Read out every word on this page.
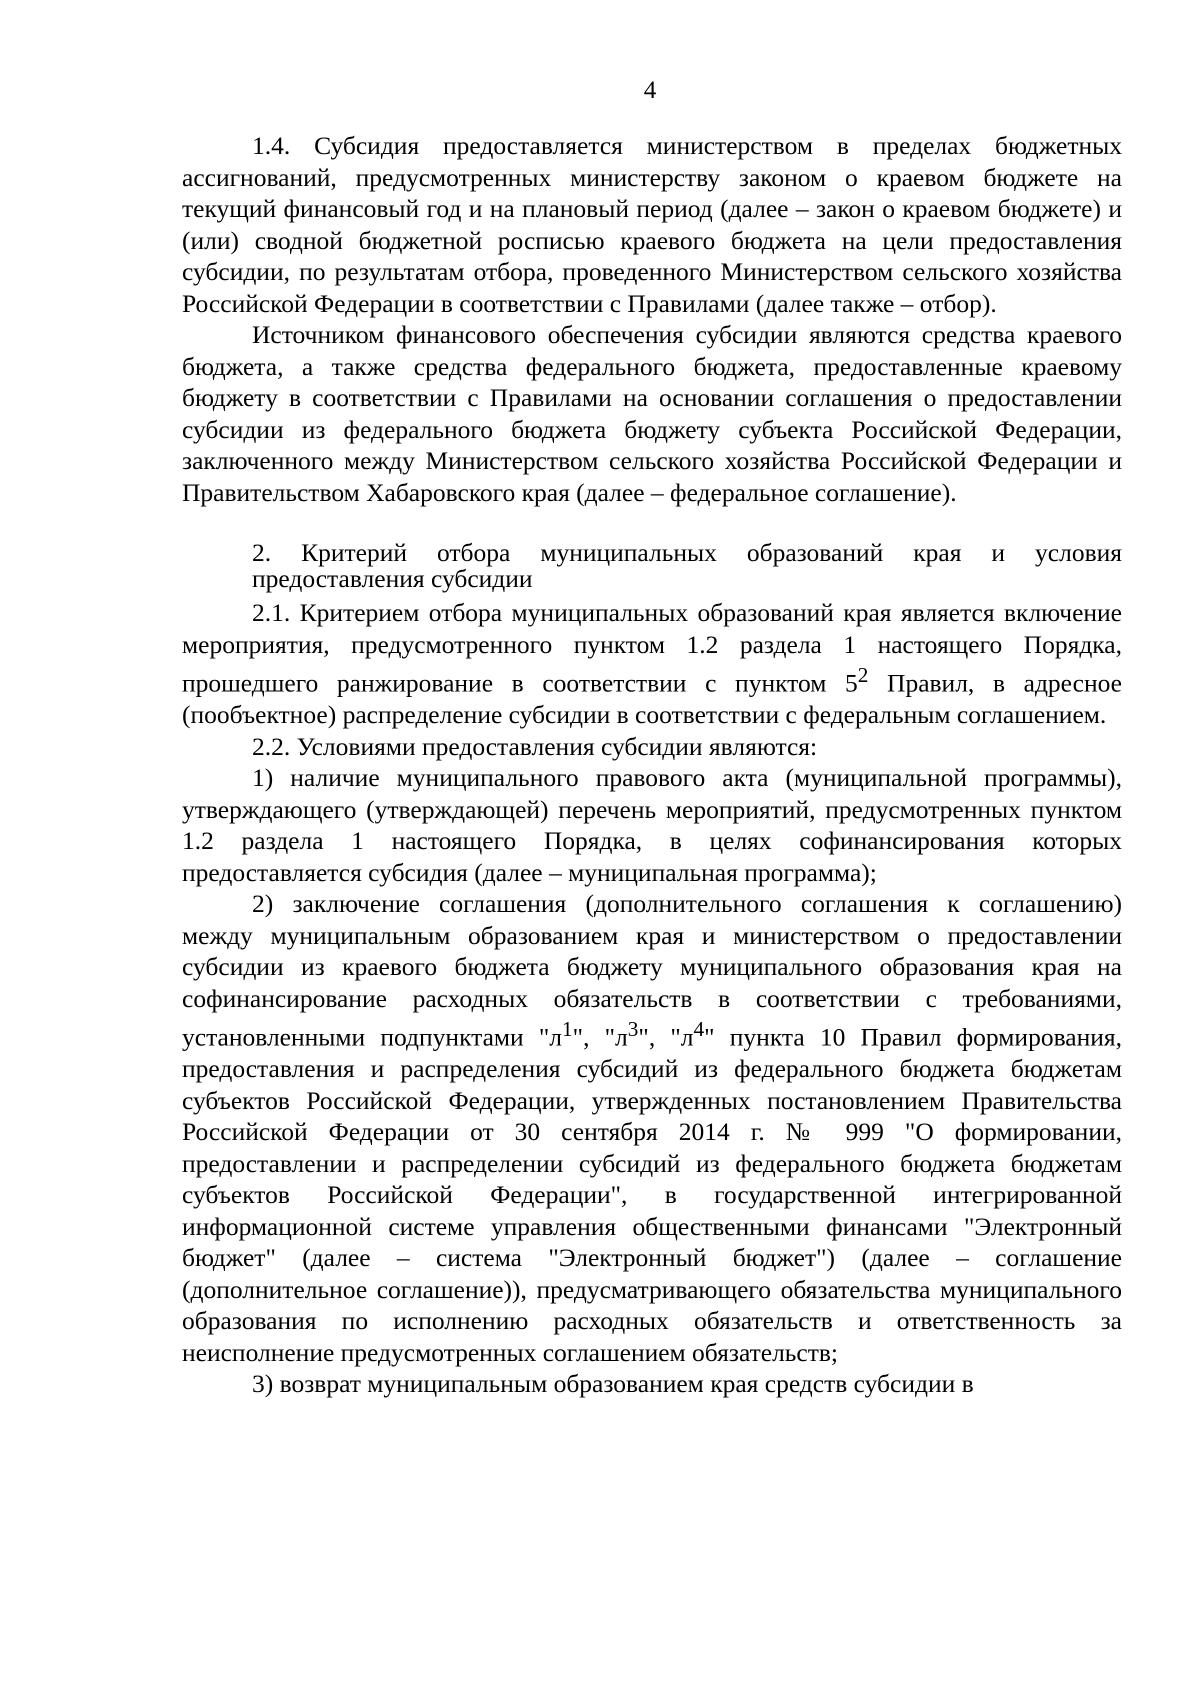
4

1.4. Субсидия предоставляется министерством в пределах бюджетных ассигнований, предусмотренных министерству законом о краевом бюджете на текущий финансовый год и на плановый период (далее – закон о краевом бюджете) и (или) сводной бюджетной росписью краевого бюджета на цели предоставления субсидии, по результатам отбора, проведенного Министерством сельского хозяйства Российской Федерации в соответствии с Правилами (далее также – отбор).

Источником финансового обеспечения субсидии являются средства краевого бюджета, а также средства федерального бюджета, предоставленные краевому бюджету в соответствии с Правилами на основании соглашения о предоставлении субсидии из федерального бюджета бюджету субъекта Российской Федерации, заключенного между Министерством сельского хозяйства Российской Федерации и Правительством Хабаровского края (далее – федеральное соглашение).

2. Критерий отбора муниципальных образований края и условия предоставления субсидии

2.1. Критерием отбора муниципальных образований края является включение мероприятия, предусмотренного пунктом 1.2 раздела 1 настоящего Порядка, прошедшего ранжирование в соответствии с пунктом $5^2$ Правил, в адресное (пообъектное) распределение субсидии в соответствии с федеральным соглашением.

2.2. Условиями предоставления субсидии являются:

1) наличие муниципального правового акта (муниципальной программы), утверждающего (утверждающей) перечень мероприятий, предусмотренных пунктом 1.2 раздела 1 настоящего Порядка, в целях софинансирования которых предоставляется субсидия (далее – муниципальная программа);

2) заключение соглашения (дополнительного соглашения к соглашению) между муниципальным образованием края и министерством о предоставлении субсидии из краевого бюджета бюджету муниципального образования края на софинансирование расходных обязательств в соответствии с требованиями, установленными подпунктами "$л^1$", "$л^3$", "$л^4$" пункта 10 Правил формирования, предоставления и распределения субсидий из федерального бюджета бюджетам субъектов Российской Федерации, утвержденных постановлением Правительства Российской Федерации от 30 сентября 2014 г. № 999 "О формировании, предоставлении и распределении субсидий из федерального бюджета бюджетам субъектов Российской Федерации", в государственной интегрированной информационной системе управления общественными финансами "Электронный бюджет" (далее – система "Электронный бюджет") (далее – соглашение (дополнительное соглашение)), предусматривающего обязательства муниципального образования по исполнению расходных обязательств и ответственность за неисполнение предусмотренных соглашением обязательств;

3) возврат муниципальным образованием края средств субсидии в
